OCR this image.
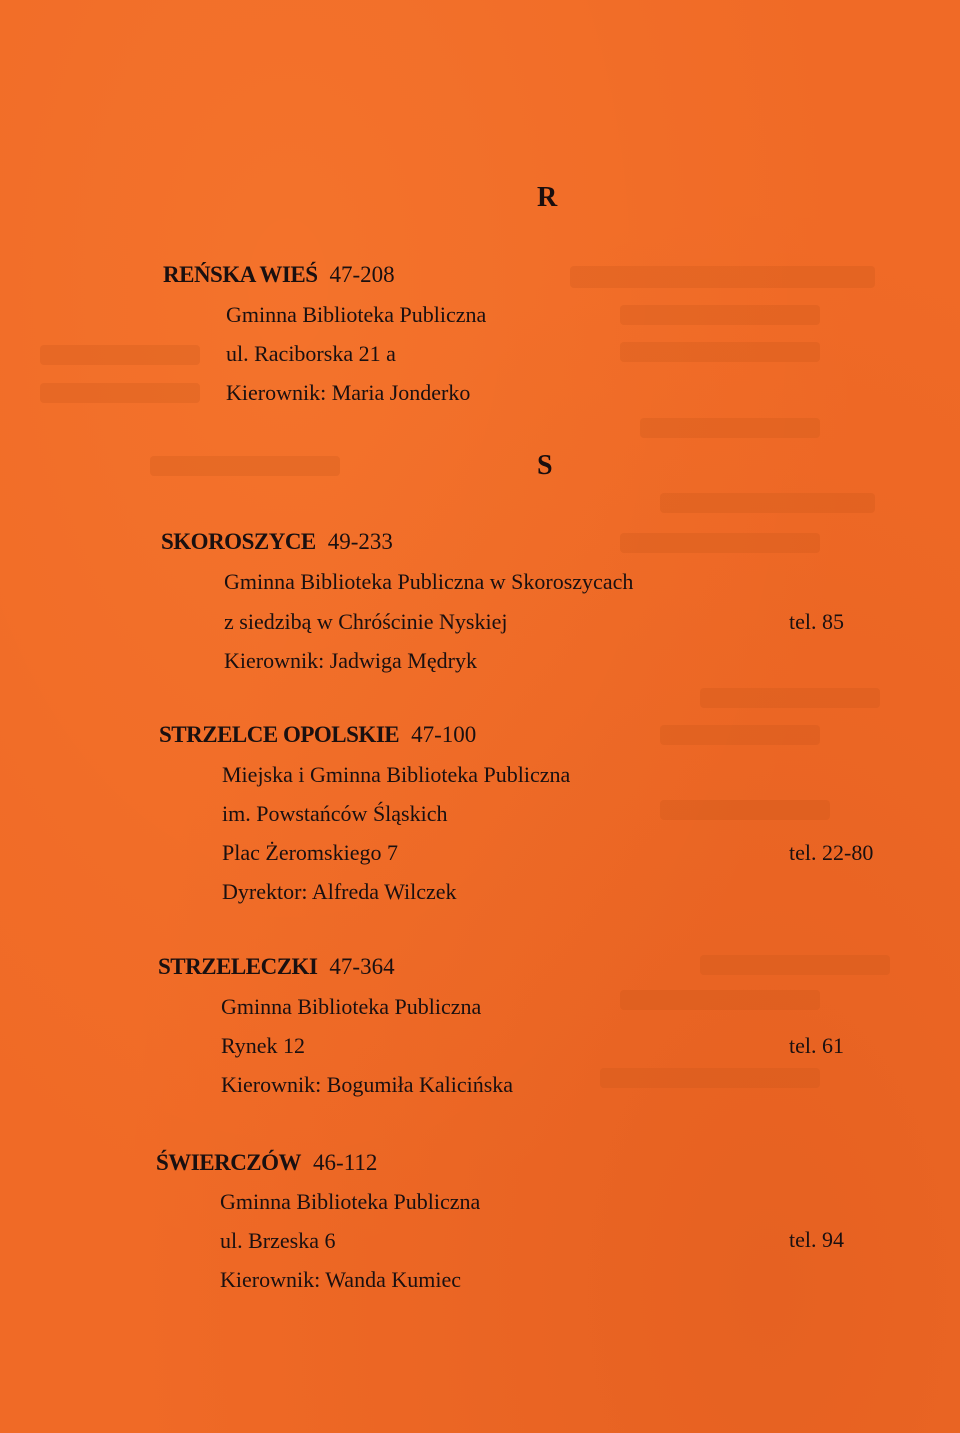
R
REŃSKA WIEŚ 47-208
Gminna Biblioteka Publiczna
ul. Raciborska 21 a
Kierownik: Maria Jonderko
S
SKOROSZYCE 49-233
Gminna Biblioteka Publiczna w Skoroszycach
z siedzibą w Chróścinie Nyskiej
Kierownik: Jadwiga Mędryk
tel. 85
STRZELCE OPOLSKIE 47-100
Miejska i Gminna Biblioteka Publiczna
im. Powstańców Śląskich
Plac Żeromskiego 7
Dyrektor: Alfreda Wilczek
tel. 22-80
STRZELECZKI 47-364
Gminna Biblioteka Publiczna
Rynek 12
Kierownik: Bogumiła Kalicińska
tel. 61
ŚWIERCZÓW 46-112
Gminna Biblioteka Publiczna
ul. Brzeska 6
Kierownik: Wanda Kumiec
tel. 94
